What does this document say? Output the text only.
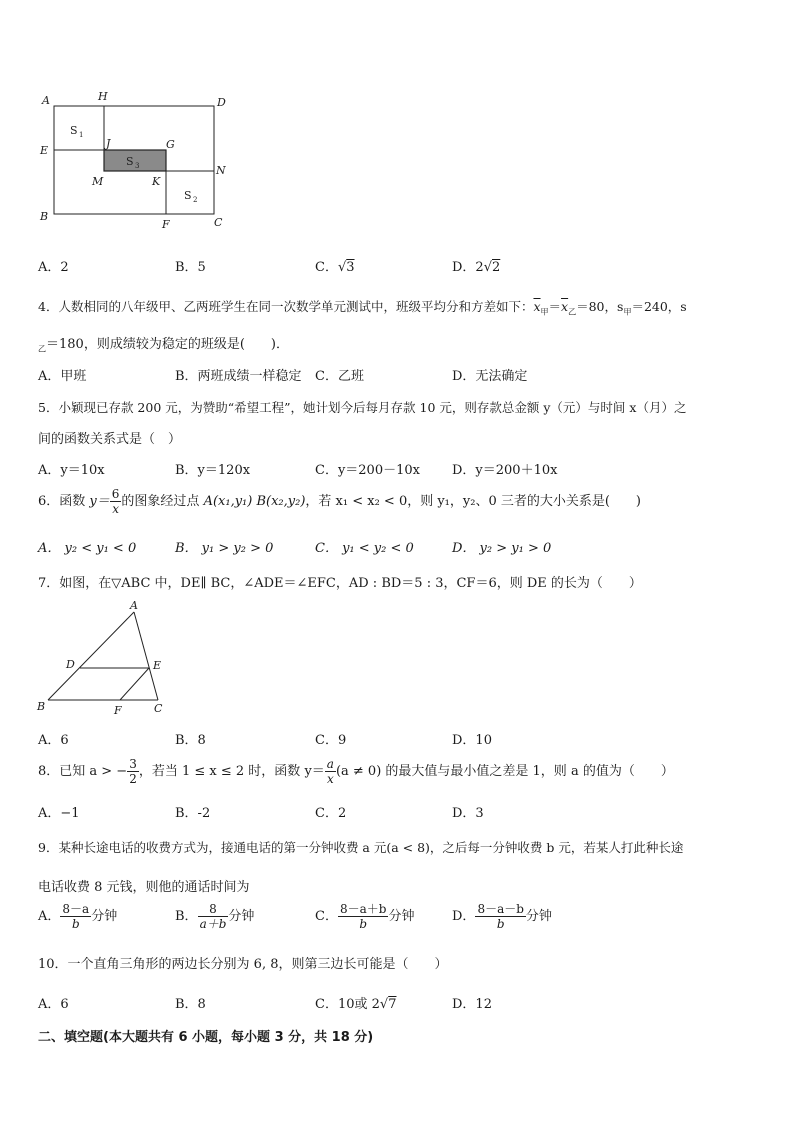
A	H	D
E
J	G
N
M	K
B
F	C
S 1
S 3
S 2
A．2	B．5	C．√3	D．2√2
4．人数相同的八年级甲、乙两班学生在同一次数学单元测试中，班级平均分和方差如下：$\overline{x}_甲=\overline{x}_乙=80$，$s_甲=240$，s
$_乙$＝180，则成绩较为稳定的班级是(　　)．
A．甲班	B．两班成绩一样稳定 C．乙班	D．无法确定
5．小颖现已存款 200 元，为赞助“希望工程”，她计划今后每月存款 10 元，则存款总金额 y（元）与时间 x（月）之
间的函数关系式是（　）
A．y＝10x	B．y＝120x	C．y＝200－10x D．y＝200＋10x
6．函数 $y= \frac{6}{x}$ 的图象经过点 A(x₁,y₁) B(x₂,y₂)，若 x₁ < x₂ < 0，则 y₁，y₂、0 三者的大小关系是(　　)
A． y₂ < y₁ < 0	B． y₁ > y₂ > 0	C． y₁ < y₂ < 0	D． y₂ > y₁ > 0
7．如图，在▽ABC 中，DE∥ BC，∠ADE＝∠EFC，AD : BD＝5 : 3，CF＝6，则 DE 的长为（　　）
A
D	E
B	F	C
A．6	B．8	C．9	D．10
8．已知 a > − $\frac{3}{2}$ ，若当 1 ≤ x ≤ 2 时，函数 $y= \frac{a}{x} (a \ne 0)$ 的最大值与最小值之差是 1，则 a 的值为（　　）
A．−1	B．-2	C．2	D．3
9．某种长途电话的收费方式为，接通电话的第一分钟收费 a 元(a < 8)，之后每一分钟收费 b 元，若某人打此种长途
电话收费 8 元钱，则他的通话时间为
A． $\frac{8-a}{b}$ 分钟	B． $\frac{8}{a+b}$ 分钟	C． $\frac{8-a+b}{b}$ 分钟	D． $\frac{8-a-b}{b}$ 分钟
10．一个直角三角形的两边长分别为 6, 8，则第三边长可能是（　　）
A．6	B．8	C．10或 2√7	D．12
二、填空题(本大题共有 6 小题，每小题 3 分，共 18 分)
